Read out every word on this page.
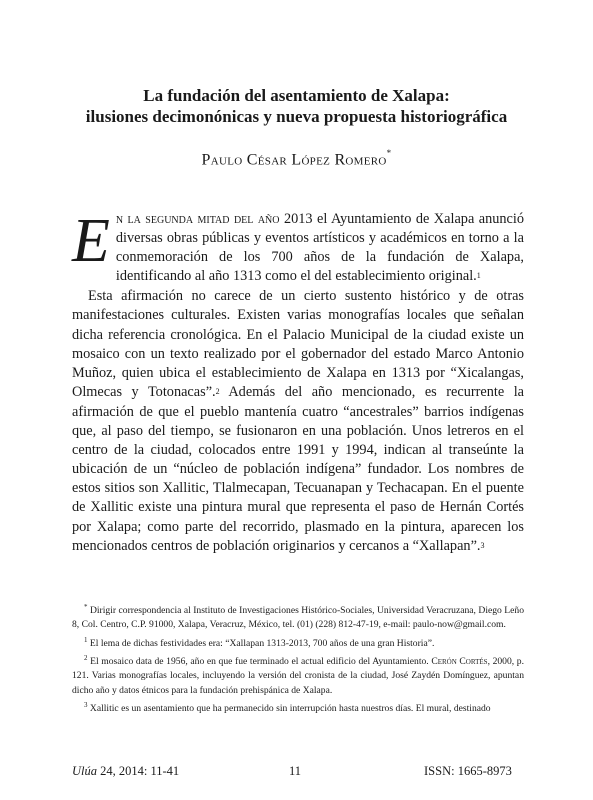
La fundación del asentamiento de Xalapa:
ilusiones decimonónicas y nueva propuesta historiográfica
Paulo César López Romero*

En la segunda mitad del año 2013 el Ayuntamiento de Xalapa anunció diversas obras públicas y eventos artísticos y académicos en torno a la conmemoración de los 700 años de la fundación de Xalapa, identificando al año 1313 como el del establecimiento original.$^1$

Esta afirmación no carece de un cierto sustento histórico y de otras manifestaciones culturales. Existen varias monografías locales que señalan dicha referencia cronológica. En el Palacio Municipal de la ciudad existe un mosaico con un texto realizado por el gobernador del estado Marco Antonio Muñoz, quien ubica el establecimiento de Xalapa en 1313 por “Xicalangas, Olmecas y Totonacas”.$^2$ Además del año mencionado, es recurrente la afirmación de que el pueblo mantenía cuatro “ancestrales” barrios indígenas que, al paso del tiempo, se fusionaron en una población. Unos letreros en el centro de la ciudad, colocados entre 1991 y 1994, indican al transeúnte la ubicación de un “núcleo de población indígena” fundador. Los nombres de estos sitios son Xallitic, Tlalmecapan, Tecuanapan y Techacapan. En el puente de Xallitic existe una pintura mural que representa el paso de Hernán Cortés por Xalapa; como parte del recorrido, plasmado en la pintura, aparecen los mencionados centros de población originarios y cercanos a “Xallapan”.$^3$

* Dirigir correspondencia al Instituto de Investigaciones Histórico-Sociales, Universidad Veracruzana, Diego Leño 8, Col. Centro, C.P. 91000, Xalapa, Veracruz, México, tel. (01) (228) 812-47-19, e-mail: paulo-now@gmail.com.

$^1$ El lema de dichas festividades era: “Xallapan 1313-2013, 700 años de una gran Historia”.

$^2$ El mosaico data de 1956, año en que fue terminado el actual edificio del Ayuntamiento. Cerón Cortés, 2000, p. 121. Varias monografías locales, incluyendo la versión del cronista de la ciudad, José Zaydén Domínguez, apuntan dicho año y datos étnicos para la fundación prehispánica de Xalapa.

$^3$ Xallitic es un asentamiento que ha permanecido sin interrupción hasta nuestros días. El mural, destinado

Ulúa 24, 2014: 11-41	11	ISSN: 1665-8973
